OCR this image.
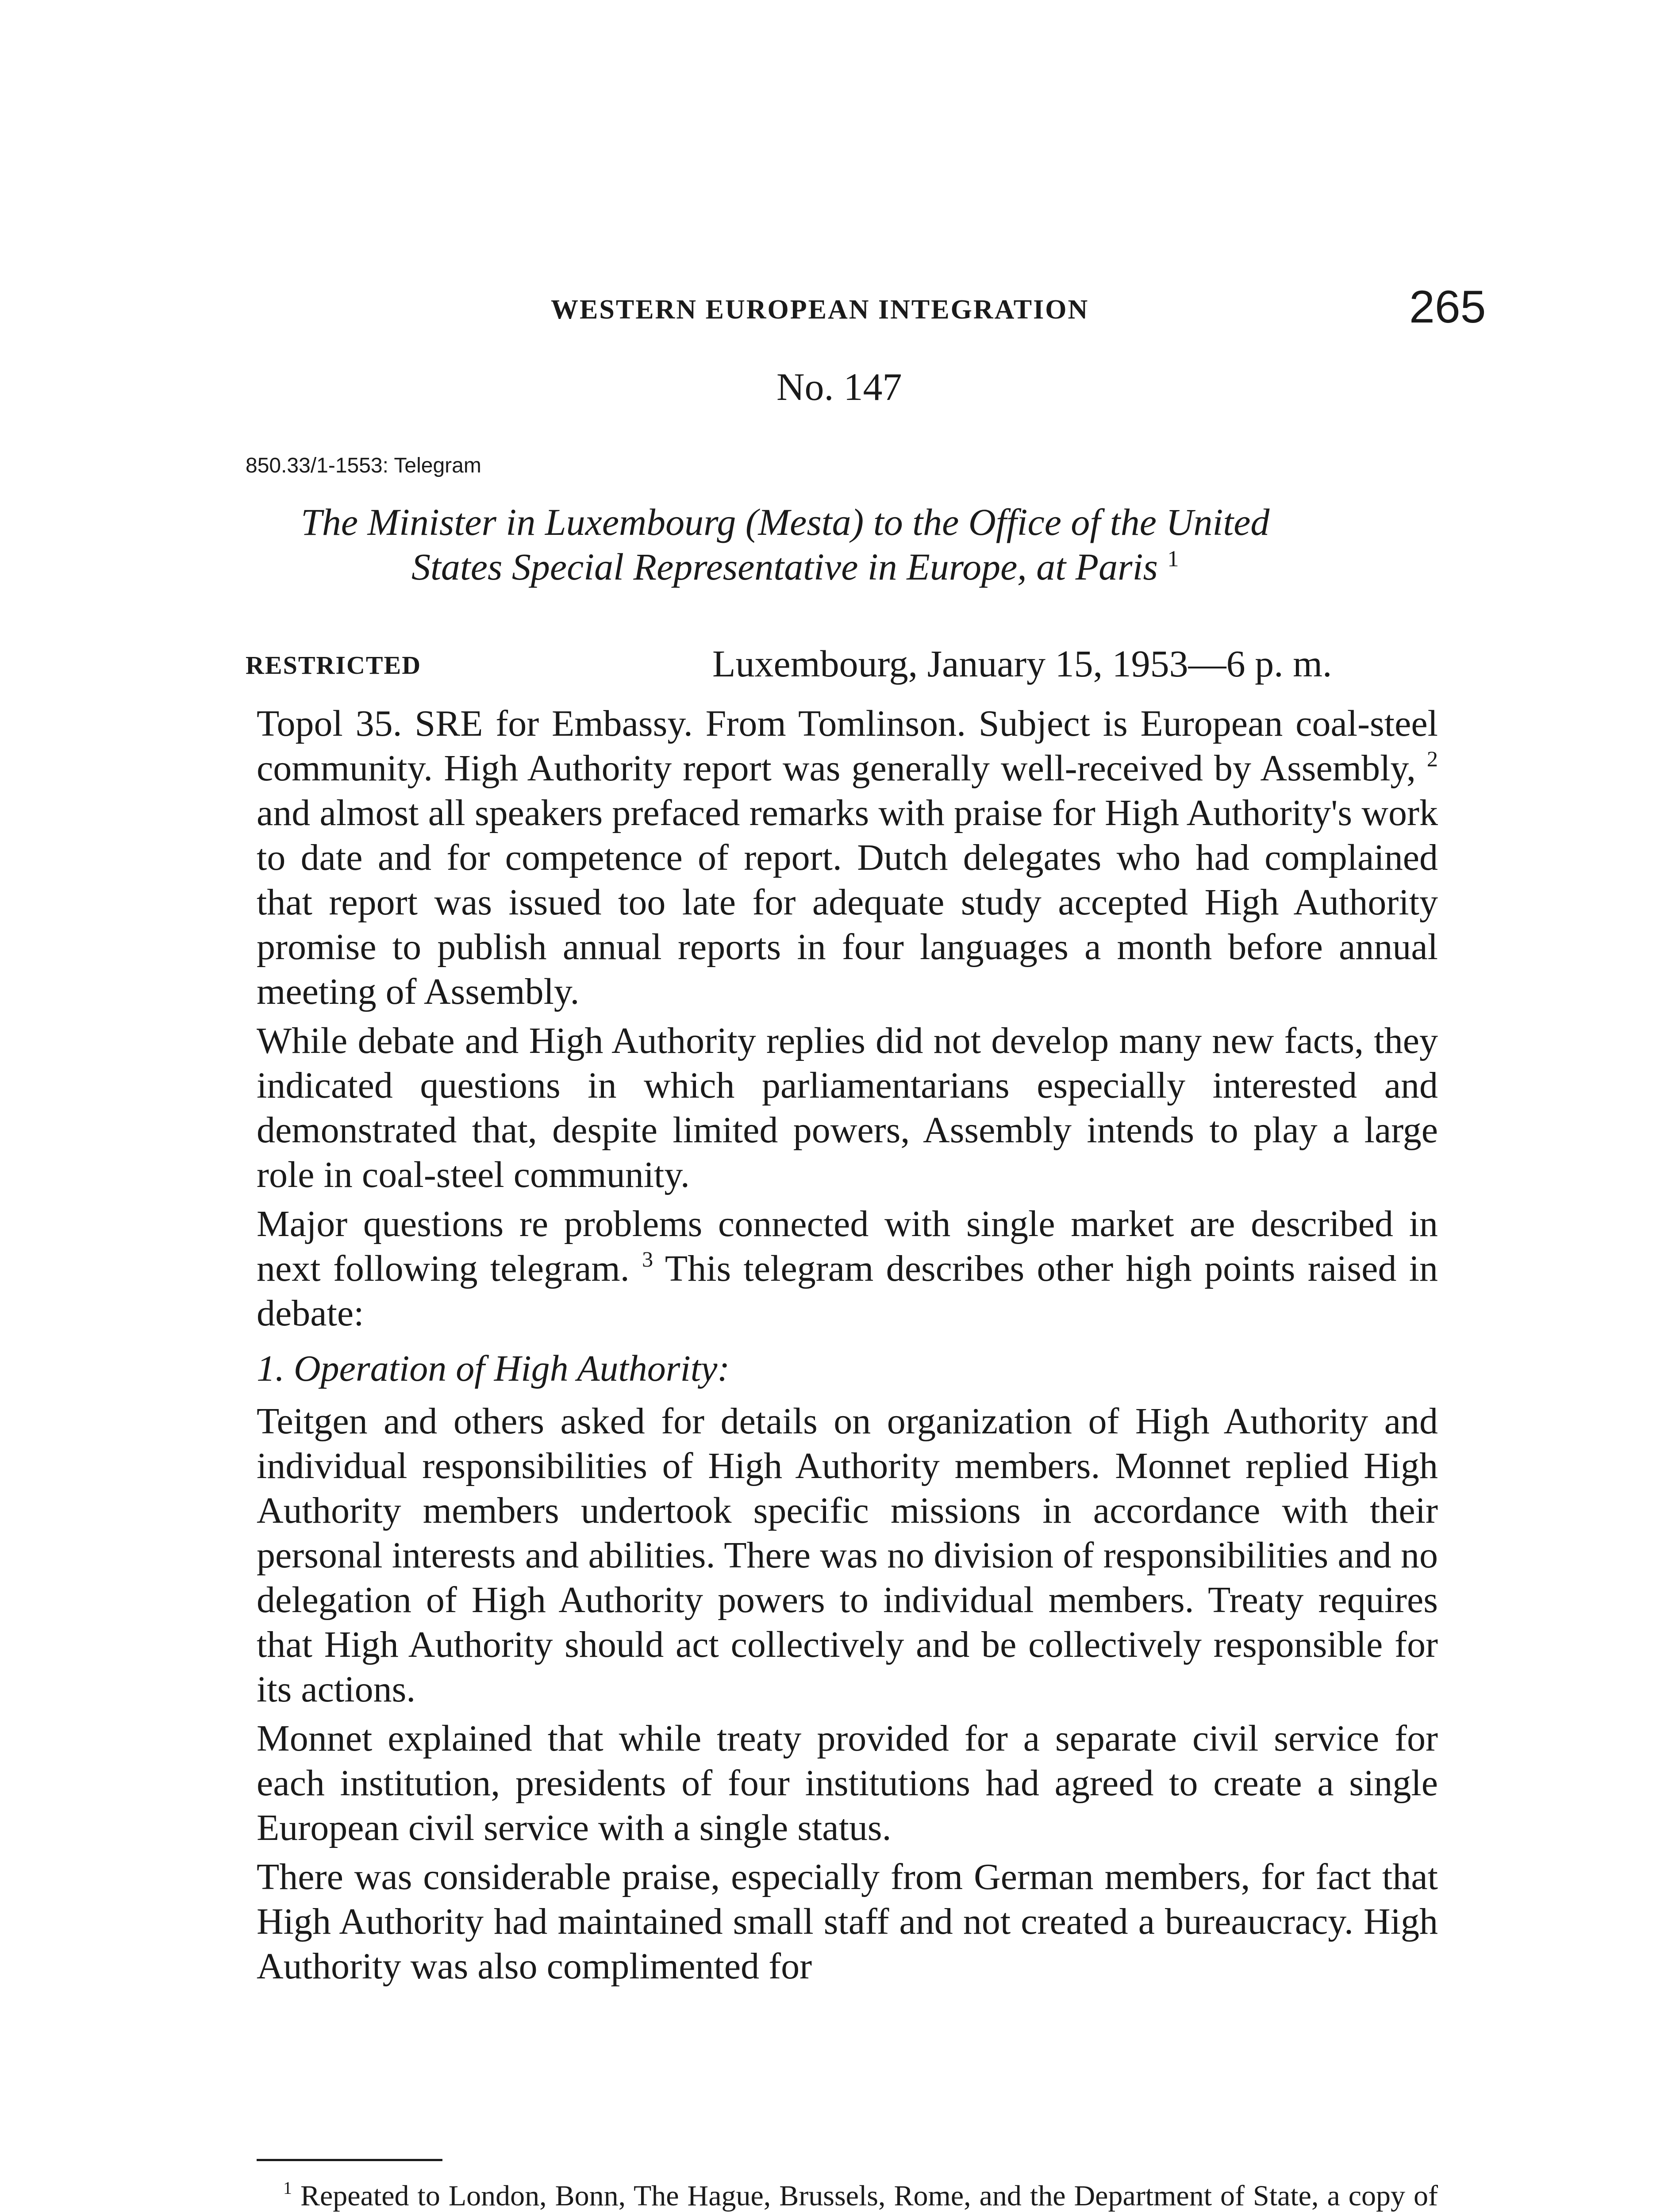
WESTERN EUROPEAN INTEGRATION	265
No. 147
850.33/1-1553: Telegram
The Minister in Luxembourg (Mesta) to the Office of the United
States Special Representative in Europe, at Paris $^1$
RESTRICTED	Luxembourg, January 15, 1953—6 p. m.

Topol 35. SRE for Embassy. From Tomlinson. Subject is European coal-steel community. High Authority report was generally well-received by Assembly, $^2$ and almost all speakers prefaced remarks with praise for High Authority's work to date and for competence of report. Dutch delegates who had complained that report was issued too late for adequate study accepted High Authority promise to publish annual reports in four languages a month before annual meeting of Assembly.

While debate and High Authority replies did not develop many new facts, they indicated questions in which parliamentarians especially interested and demonstrated that, despite limited powers, Assembly intends to play a large role in coal-steel community.

Major questions re problems connected with single market are described in next following telegram. $^3$ This telegram describes other high points raised in debate:

1. Operation of High Authority:

Teitgen and others asked for details on organization of High Authority and individual responsibilities of High Authority members. Monnet replied High Authority members undertook specific missions in accordance with their personal interests and abilities. There was no division of responsibilities and no delegation of High Authority powers to individual members. Treaty requires that High Authority should act collectively and be collectively responsible for its actions.

Monnet explained that while treaty provided for a separate civil service for each institution, presidents of four institutions had agreed to create a single European civil service with a single status.

There was considerable praise, especially from German members, for fact that High Authority had maintained small staff and not created a bureaucracy. High Authority was also complimented for

$^1$ Repeated to London, Bonn, The Hague, Brussels, Rome, and the Department of State, a copy of
